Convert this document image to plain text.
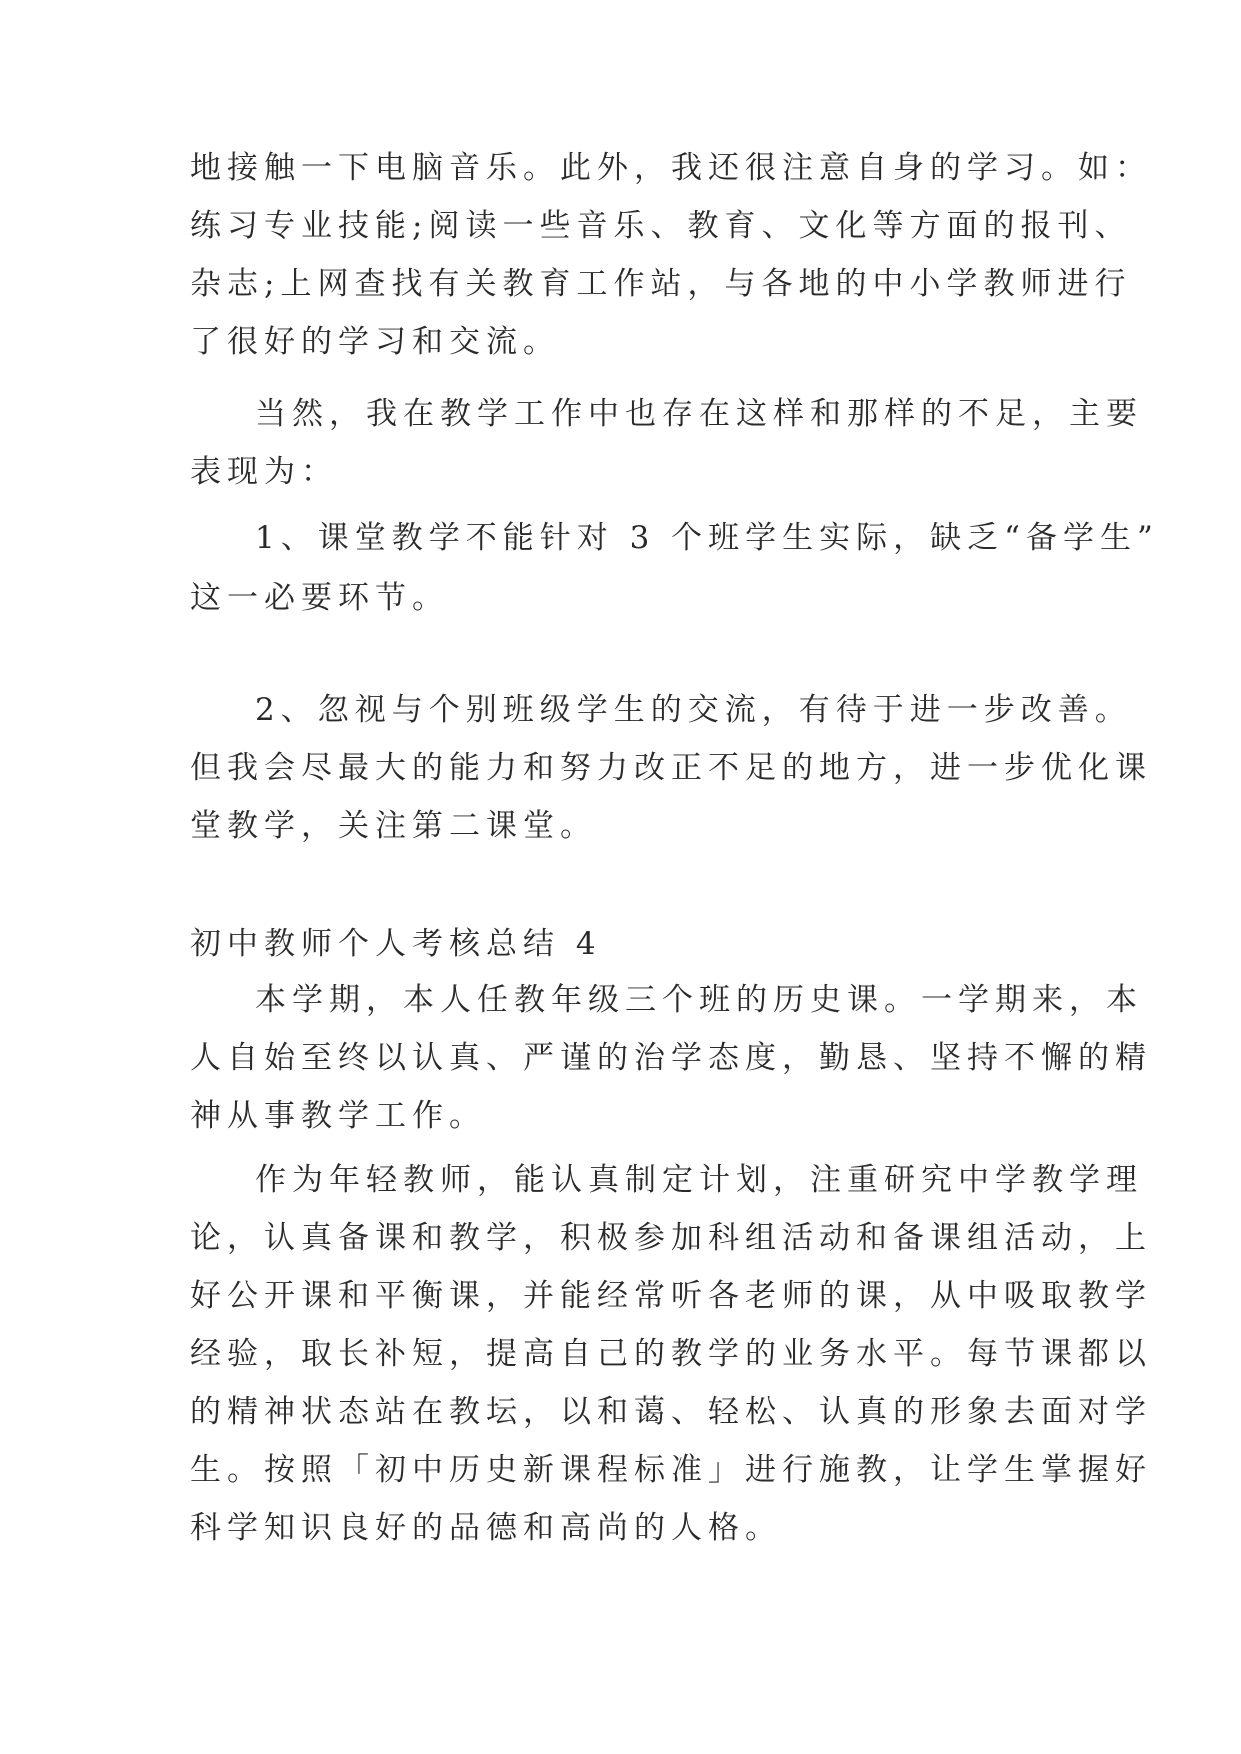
地接触一下电脑音乐。此外，我还很注意自身的学习。如：

练习专业技能;阅读一些音乐、教育、文化等方面的报刊、

杂志;上网查找有关教育工作站，与各地的中小学教师进行

了很好的学习和交流。

当然，我在教学工作中也存在这样和那样的不足，主要

表现为：

1、课堂教学不能针对 3 个班学生实际，缺乏“备学生”

这一必要环节。

2、忽视与个别班级学生的交流，有待于进一步改善。

但我会尽最大的能力和努力改正不足的地方，进一步优化课

堂教学，关注第二课堂。

初中教师个人考核总结 4

本学期，本人任教年级三个班的历史课。一学期来，本

人自始至终以认真、严谨的治学态度，勤恳、坚持不懈的精

神从事教学工作。

作为年轻教师，能认真制定计划，注重研究中学教学理

论，认真备课和教学，积极参加科组活动和备课组活动，上

好公开课和平衡课，并能经常听各老师的课，从中吸取教学

经验，取长补短，提高自己的教学的业务水平。每节课都以

的精神状态站在教坛，以和蔼、轻松、认真的形象去面对学

生。按照「初中历史新课程标准」进行施教，让学生掌握好

科学知识良好的品德和高尚的人格。
